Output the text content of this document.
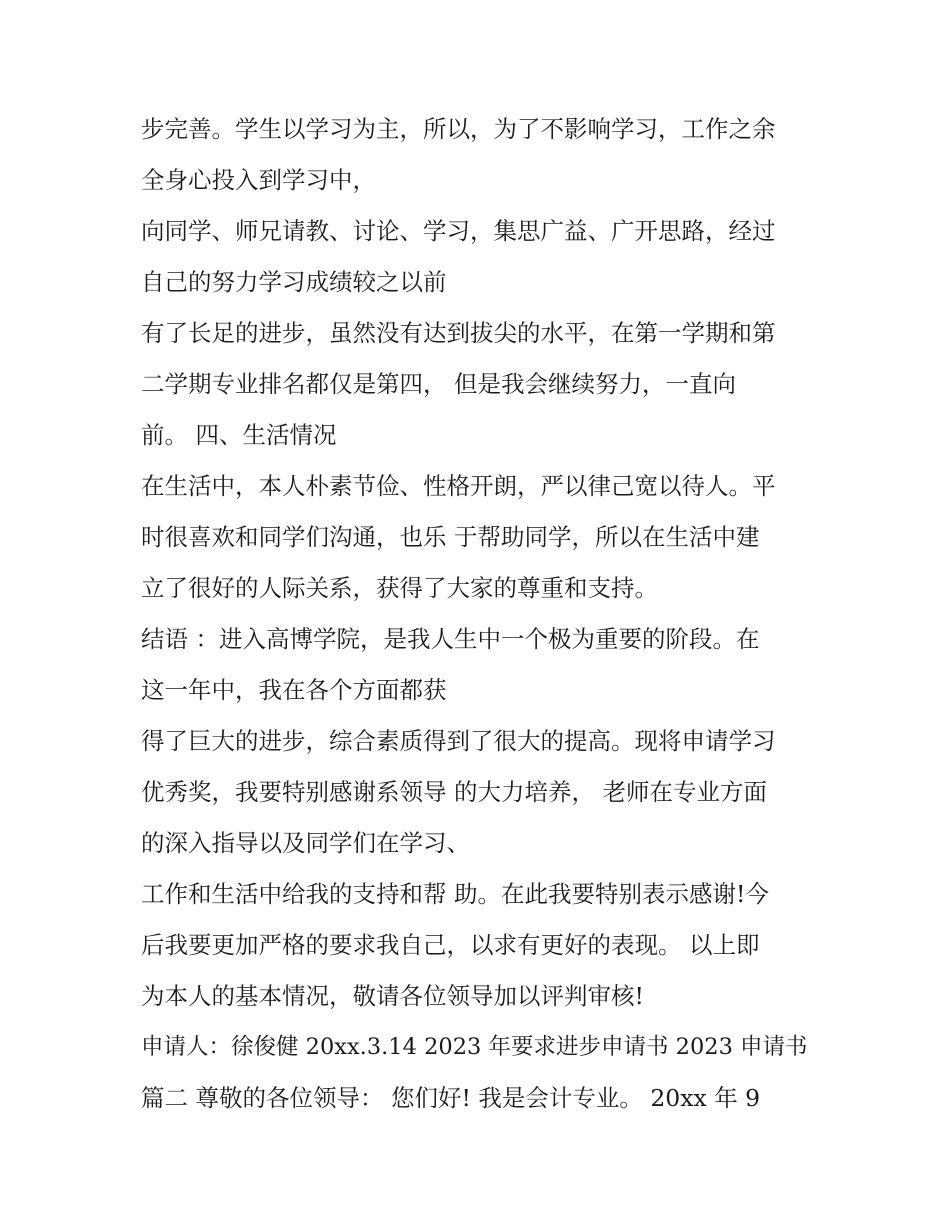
步完善。学生以学习为主，所以，为了不影响学习，工作之余
全身心投入到学习中，
向同学、师兄请教、讨论、学习，集思广益、广开思路，经过
自己的努力学习成绩较之以前
有了长足的进步，虽然没有达到拔尖的水平，在第一学期和第
二学期专业排名都仅是第四， 但是我会继续努力，一直向
前。 四、生活情况
在生活中，本人朴素节俭、性格开朗，严以律己宽以待人。平
时很喜欢和同学们沟通，也乐 于帮助同学，所以在生活中建
立了很好的人际关系，获得了大家的尊重和支持。
结语 ：进入高博学院，是我人生中一个极为重要的阶段。在
这一年中，我在各个方面都获
得了巨大的进步，综合素质得到了很大的提高。现将申请学习
优秀奖，我要特别感谢系领导 的大力培养， 老师在专业方面
的深入指导以及同学们在学习、
工作和生活中给我的支持和帮 助。在此我要特别表示感谢!今
后我要更加严格的要求我自己，以求有更好的表现。 以上即
为本人的基本情况，敬请各位领导加以评判审核!
申请人：徐俊健 20xx.3.14 2023 年要求进步申请书 2023 申请书
篇二 尊敬的各位领导： 您们好! 我是会计专业。 20xx 年 9
